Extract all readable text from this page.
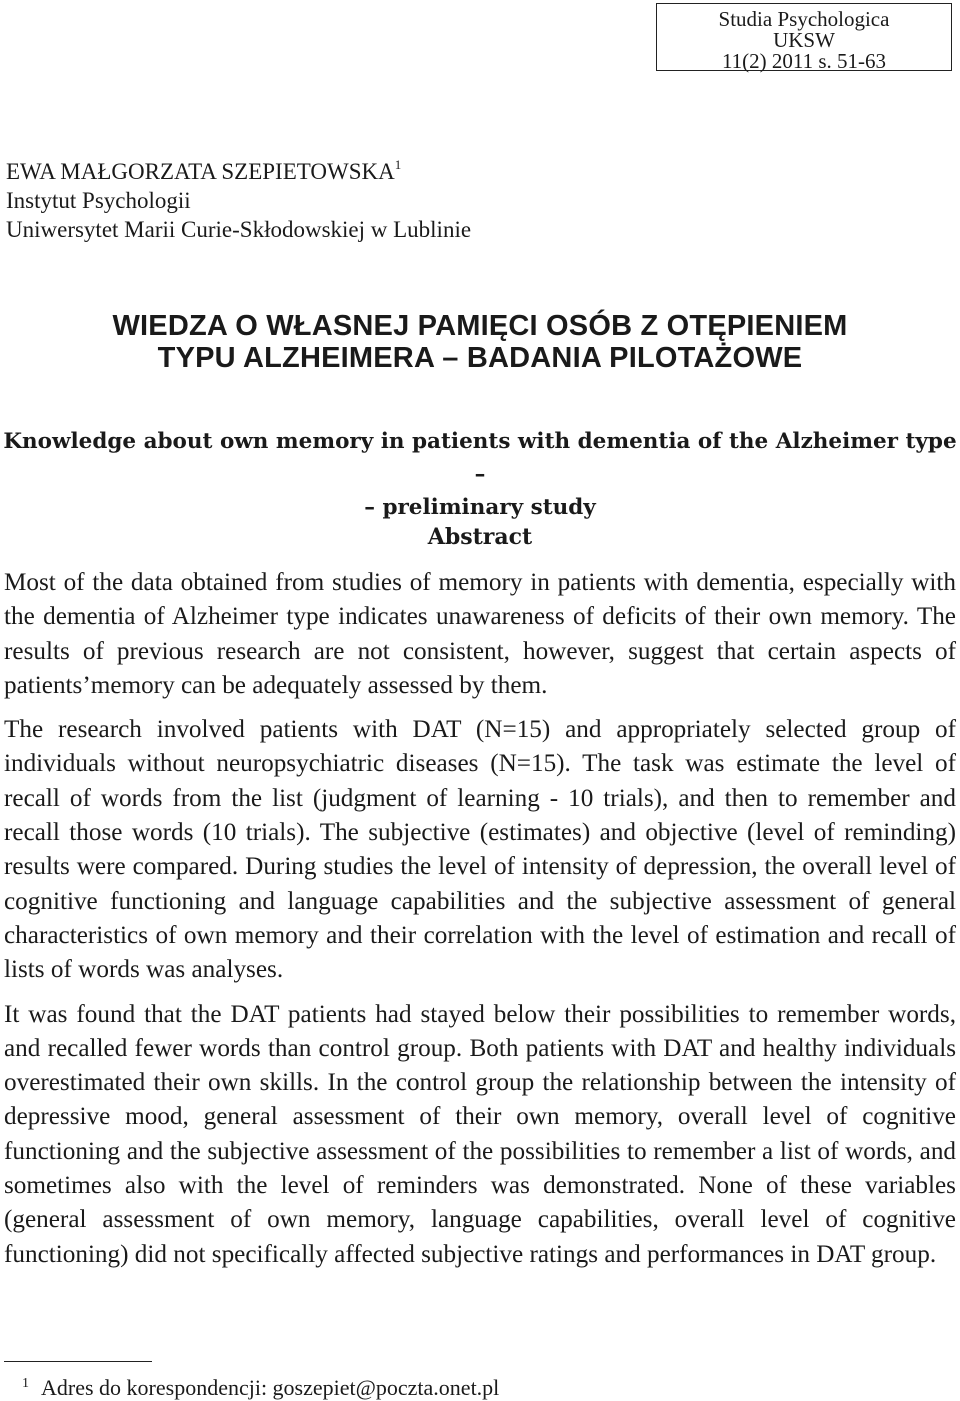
Studia Psychologica
UKSW
11(2) 2011 s. 51-63
EWA MAŁGORZATA SZEPIETOWSKA$^1$
Instytut Psychologii
Uniwersytet Marii Curie-Skłodowskiej w Lublinie
WIEDZA O WŁASNEJ PAMIĘCI OSÓB Z OTĘPIENIEM
TYPU ALZHEIMERA – BADANIA PILOTAŻOWE
Knowledge about own memory in patients with dementia of the Alzheimer type –
– preliminary study
Abstract

Most of the data obtained from studies of memory in patients with dementia, especially with the dementia of Alzheimer type indicates unawareness of deficits of their own memory. The results of previous research are not consistent, however, suggest that certain aspects of patients’memory can be adequately assessed by them.

The research involved patients with DAT (N=15) and appropriately selected group of individuals without neuropsychiatric diseases (N=15). The task was estimate the level of recall of words from the list (judgment of learning - 10 trials), and then to remember and recall those words (10 trials). The subjective (estimates) and objective (level of reminding) results were compared. During studies the level of intensity of depression, the overall level of cognitive functioning and language capabilities and the subjective assessment of general characteristics of own memory and their correlation with the level of estimation and recall of lists of words was analyses.

It was found that the DAT patients had stayed below their possibilities to remember words, and recalled fewer words than control group. Both patients with DAT and healthy individuals overestimated their own skills. In the control group the relationship between the intensity of depressive mood, general assessment of their own memory, overall level of cognitive functioning and the subjective assessment of the possibilities to remember a list of words, and sometimes also with the level of reminders was demonstrated. None of these variables (general assessment of own memory, language capabilities, overall level of cognitive functioning) did not specifically affected subjective ratings and performances in DAT group.

$^1$ Adres do korespondencji: goszepiet@poczta.onet.pl
